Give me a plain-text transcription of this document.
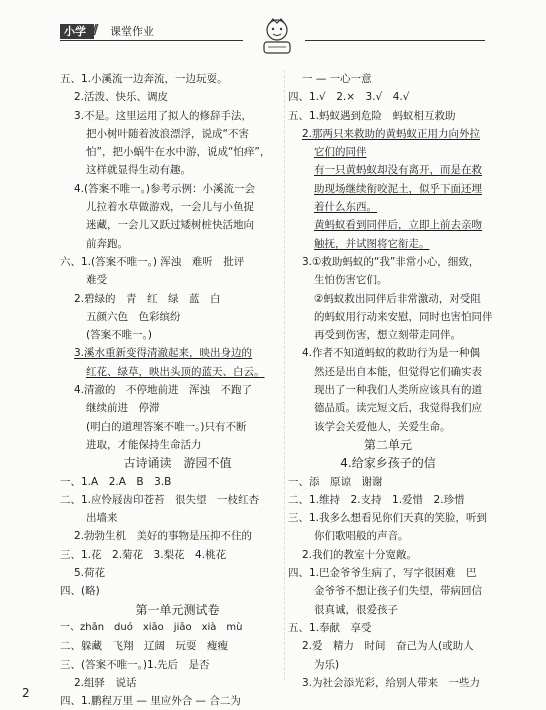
小学 // 课堂作业
五、1.小溪流一边奔流，一边玩耍。
2.活泼、快乐、调皮
3.不是。这里运用了拟人的修辞手法，
把小树叶随着波浪漂浮，说成“不害
怕”，把小蜗牛在水中游，说成“怕痒”，
这样就显得生动有趣。
4.(答案不唯一。)参考示例：小溪流一会
儿拉着水草做游戏，一会儿与小鱼捉
迷藏，一会儿又跃过矮树桩快活地向
前奔跑。
六、1.(答案不唯一。) 浑浊　难听　批评
难受
2.碧绿的　青　红　绿　蓝　白
五颜六色　色彩缤纷
(答案不唯一。)
3.溪水重新变得清澈起来，映出身边的
红花、绿草，映出头顶的蓝天、白云。
4.清澈的　不停地前进　浑浊　不跑了
继续前进　停滞
(明白的道理答案不唯一。)只有不断
进取，才能保持生命活力
古诗诵读　游园不值
一、1.A　2.A　B　3.B
二、1.应怜屐齿印苍苔　很失望　一枝红杏
出墙来
2.勃勃生机　美好的事物是压抑不住的
三、1.花　2.菊花　3.梨花　4.桃花
5.荷花
四、(略)
第一单元测试卷
一、zhǎn　duó　xiāo　jiāo　xià　mù
二、躲藏　飞翔　辽阔　玩耍　瘦瘦
三、(答案不唯一。)1.先后　是否
2.组驿　说话
四、1.鹏程万里 — 里应外合 — 合二为
一 — 一心一意
四、1.√　2.×　3.√　4.√
五、1.蚂蚁遇到危险　蚂蚁相互救助
2.那两只来救助的黄蚂蚁正用力向外拉
它们的同伴
有一只黄蚂蚁却没有离开，而是在救
助现场继续衔咬泥土，似乎下面还埋
着什么东西。
黄蚂蚁看到同伴后，立即上前去亲吻
触抚，并试图将它衔走。
3.①救助蚂蚁的“我”非常小心，细致，
生怕伤害它们。
②蚂蚁救出同伴后非常激动，对受阻
的蚂蚁用行动来安慰，同时也害怕同伴
再受到伤害，想立刻带走同伴。
4.作者不知道蚂蚁的救助行为是一种偶
然还是出自本能，但觉得它们确实表
现出了一种我们人类所应该具有的道
德品质。读完短文后，我觉得我们应
该学会关爱他人，关爱生命。
第二单元
4.给家乡孩子的信
一、添　原谅　谢谢
二、1.维持　2.支持　1.爱惜　2.珍惜
三、1.我多么想看见你们天真的笑脸，听到
你们歌唱般的声音。
2.我们的教室十分宽敞。
四、1.巴金爷爷生病了，写字很困难　巴
金爷爷不想让孩子们失望，带病回信
很真诚，很爱孩子
五、1.奉献　享受
2.爱　精力　时间　奋己为人(或助人
为乐)
3.为社会添光彩，给别人带来　一些力
2
